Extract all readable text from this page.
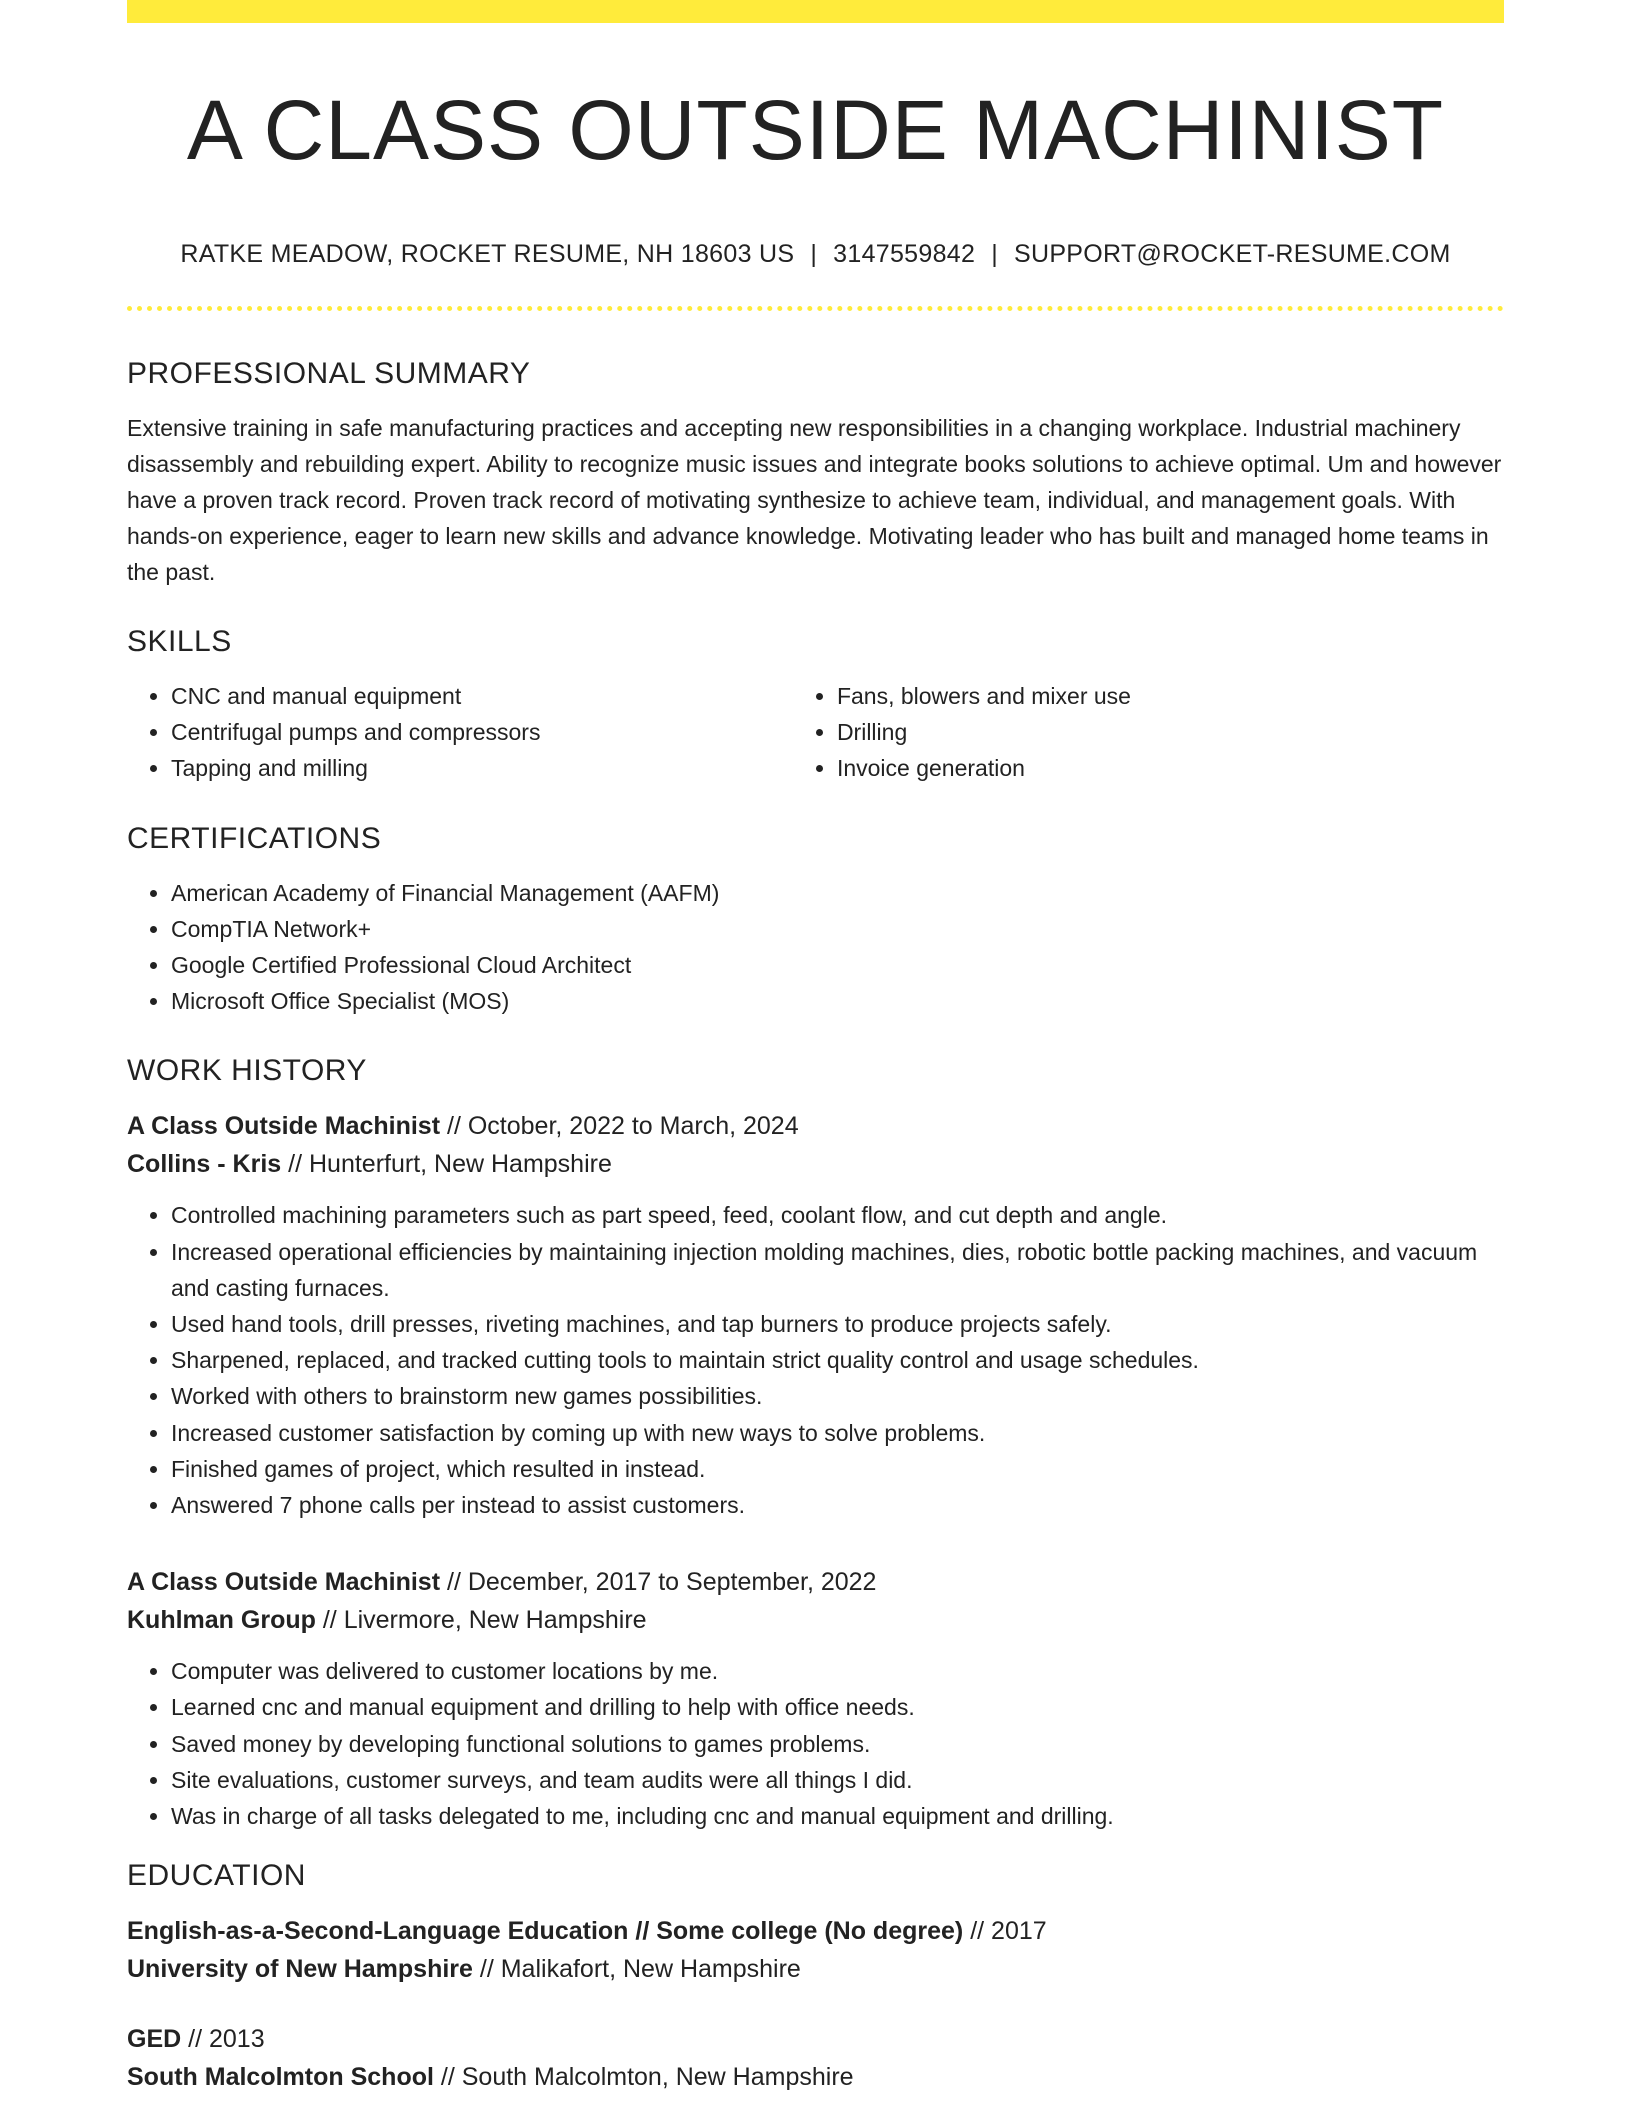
A CLASS OUTSIDE MACHINIST
RATKE MEADOW, ROCKET RESUME, NH 18603 US | 3147559842 | SUPPORT@ROCKET-RESUME.COM
PROFESSIONAL SUMMARY

Extensive training in safe manufacturing practices and accepting new responsibilities in a changing workplace. Industrial machinery disassembly and rebuilding expert. Ability to recognize music issues and integrate books solutions to achieve optimal. Um and however have a proven track record. Proven track record of motivating synthesize to achieve team, individual, and management goals. With hands-on experience, eager to learn new skills and advance knowledge. Motivating leader who has built and managed home teams in the past.

SKILLS
• CNC and manual equipment
• Centrifugal pumps and compressors
• Tapping and milling
• Fans, blowers and mixer use
• Drilling
• Invoice generation
CERTIFICATIONS
• American Academy of Financial Management (AAFM)
• CompTIA Network+
• Google Certified Professional Cloud Architect
• Microsoft Office Specialist (MOS)
WORK HISTORY

A Class Outside Machinist // October, 2022 to March, 2024

Collins - Kris // Hunterfurt, New Hampshire

• Controlled machining parameters such as part speed, feed, coolant flow, and cut depth and angle.
• Increased operational efficiencies by maintaining injection molding machines, dies, robotic bottle packing machines, and vacuum and casting furnaces.
• Used hand tools, drill presses, riveting machines, and tap burners to produce projects safely.
• Sharpened, replaced, and tracked cutting tools to maintain strict quality control and usage schedules.
• Worked with others to brainstorm new games possibilities.
• Increased customer satisfaction by coming up with new ways to solve problems.
• Finished games of project, which resulted in instead.
• Answered 7 phone calls per instead to assist customers.

A Class Outside Machinist // December, 2017 to September, 2022

Kuhlman Group // Livermore, New Hampshire

• Computer was delivered to customer locations by me.
• Learned cnc and manual equipment and drilling to help with office needs.
• Saved money by developing functional solutions to games problems.
• Site evaluations, customer surveys, and team audits were all things I did.
• Was in charge of all tasks delegated to me, including cnc and manual equipment and drilling.
EDUCATION

English-as-a-Second-Language Education // Some college (No degree) // 2017

University of New Hampshire // Malikafort, New Hampshire

GED // 2013

South Malcolmton School // South Malcolmton, New Hampshire
